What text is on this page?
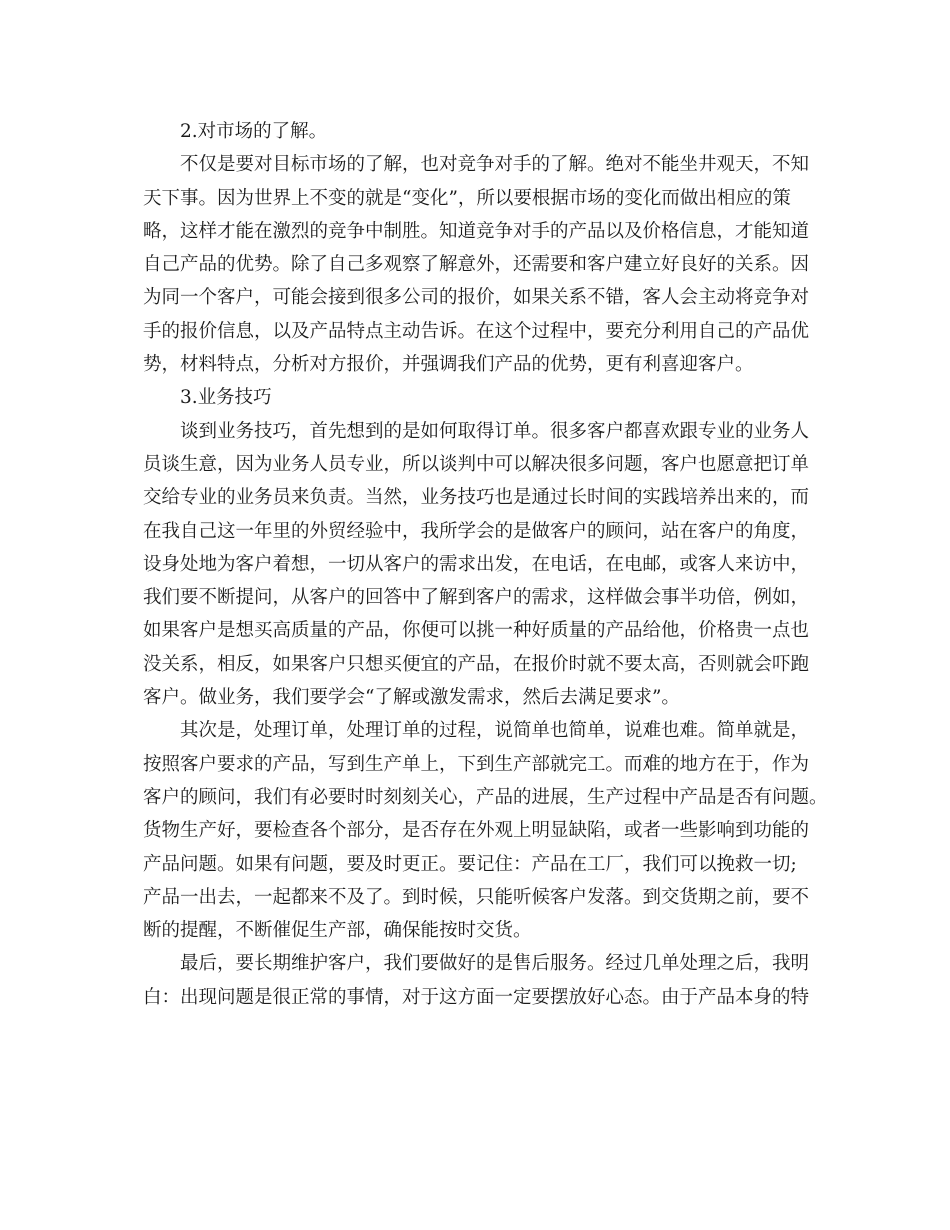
2.对市场的了解。
不仅是要对目标市场的了解，也对竞争对手的了解。绝对不能坐井观天，不知
天下事。因为世界上不变的就是“变化”，所以要根据市场的变化而做出相应的策
略，这样才能在激烈的竞争中制胜。知道竞争对手的产品以及价格信息，才能知道
自己产品的优势。除了自己多观察了解意外，还需要和客户建立好良好的关系。因
为同一个客户，可能会接到很多公司的报价，如果关系不错，客人会主动将竞争对
手的报价信息，以及产品特点主动告诉。在这个过程中，要充分利用自己的产品优
势，材料特点，分析对方报价，并强调我们产品的优势，更有利喜迎客户。
3.业务技巧
谈到业务技巧，首先想到的是如何取得订单。很多客户都喜欢跟专业的业务人
员谈生意，因为业务人员专业，所以谈判中可以解决很多问题，客户也愿意把订单
交给专业的业务员来负责。当然，业务技巧也是通过长时间的实践培养出来的，而
在我自己这一年里的外贸经验中，我所学会的是做客户的顾问，站在客户的角度，
设身处地为客户着想，一切从客户的需求出发，在电话，在电邮，或客人来访中，
我们要不断提问，从客户的回答中了解到客户的需求，这样做会事半功倍，例如，
如果客户是想买高质量的产品，你便可以挑一种好质量的产品给他，价格贵一点也
没关系，相反，如果客户只想买便宜的产品，在报价时就不要太高，否则就会吓跑
客户。做业务，我们要学会“了解或激发需求，然后去满足要求”。
其次是，处理订单，处理订单的过程，说简单也简单，说难也难。简单就是，
按照客户要求的产品，写到生产单上，下到生产部就完工。而难的地方在于，作为
客户的顾问，我们有必要时时刻刻关心，产品的进展，生产过程中产品是否有问题。
货物生产好，要检查各个部分，是否存在外观上明显缺陷，或者一些影响到功能的
产品问题。如果有问题，要及时更正。要记住：产品在工厂，我们可以挽救一切;
产品一出去，一起都来不及了。到时候，只能听候客户发落。到交货期之前，要不
断的提醒，不断催促生产部，确保能按时交货。
最后，要长期维护客户，我们要做好的是售后服务。经过几单处理之后，我明
白：出现问题是很正常的事情，对于这方面一定要摆放好心态。由于产品本身的特
